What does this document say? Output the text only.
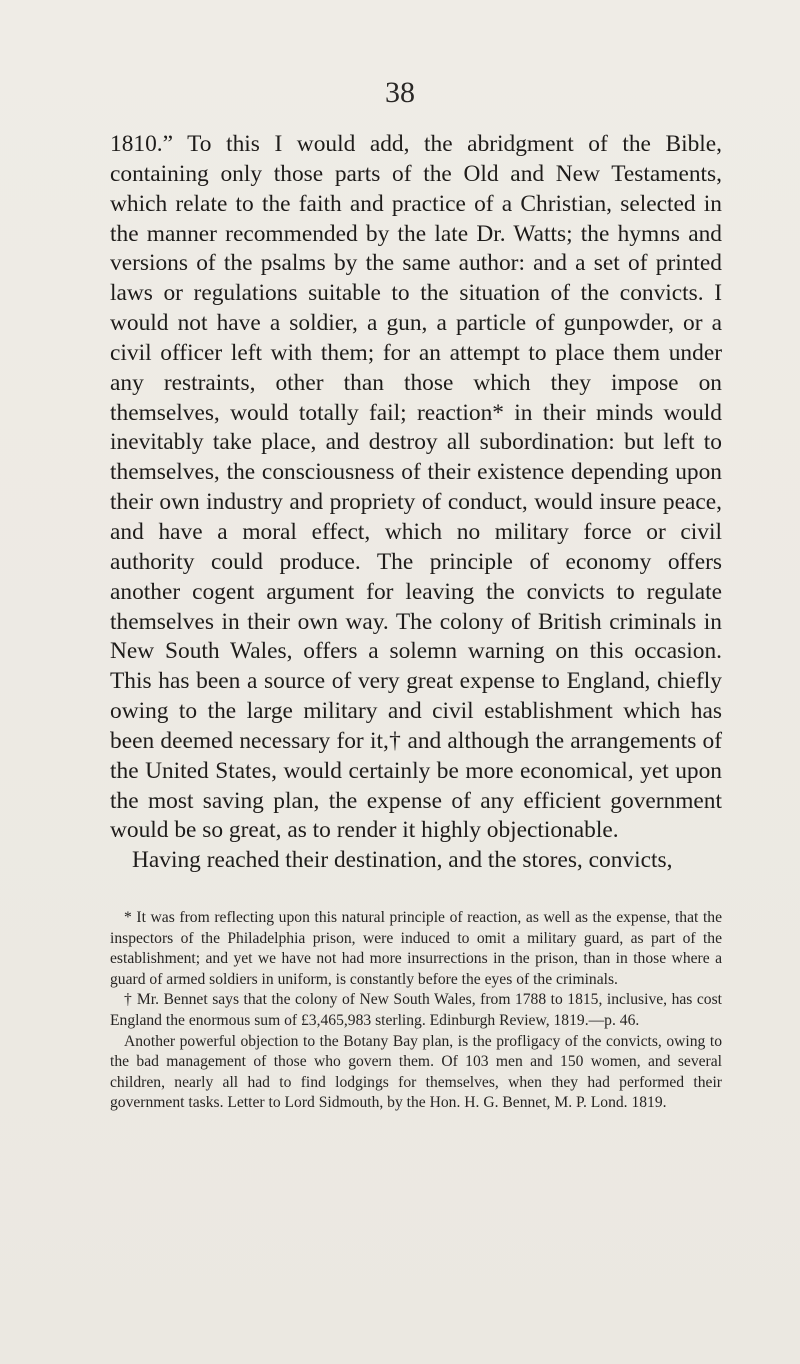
38

1810.” To this I would add, the abridgment of the Bible, containing only those parts of the Old and New Testaments, which relate to the faith and practice of a Christian, selected in the manner recommended by the late Dr. Watts; the hymns and versions of the psalms by the same author: and a set of printed laws or regulations suitable to the situation of the convicts. I would not have a soldier, a gun, a particle of gunpowder, or a civil officer left with them; for an attempt to place them under any restraints, other than those which they impose on themselves, would totally fail; reaction* in their minds would inevitably take place, and destroy all subordination: but left to themselves, the consciousness of their existence depending upon their own industry and propriety of conduct, would insure peace, and have a moral effect, which no military force or civil authority could produce. The principle of economy offers another cogent argument for leaving the convicts to regulate themselves in their own way. The colony of British criminals in New South Wales, offers a solemn warning on this occasion. This has been a source of very great expense to England, chiefly owing to the large military and civil establishment which has been deemed necessary for it,† and although the arrangements of the United States, would certainly be more economical, yet upon the most saving plan, the expense of any efficient government would be so great, as to render it highly objectionable.

Having reached their destination, and the stores, convicts,

* It was from reflecting upon this natural principle of reaction, as well as the expense, that the inspectors of the Philadelphia prison, were induced to omit a military guard, as part of the establishment; and yet we have not had more insurrections in the prison, than in those where a guard of armed soldiers in uniform, is constantly before the eyes of the criminals.

† Mr. Bennet says that the colony of New South Wales, from 1788 to 1815, inclusive, has cost England the enormous sum of £3,465,983 sterling. Edinburgh Review, 1819.—p. 46.

Another powerful objection to the Botany Bay plan, is the profligacy of the convicts, owing to the bad management of those who govern them. Of 103 men and 150 women, and several children, nearly all had to find lodgings for themselves, when they had performed their government tasks. Letter to Lord Sidmouth, by the Hon. H. G. Bennet, M. P. Lond. 1819.
